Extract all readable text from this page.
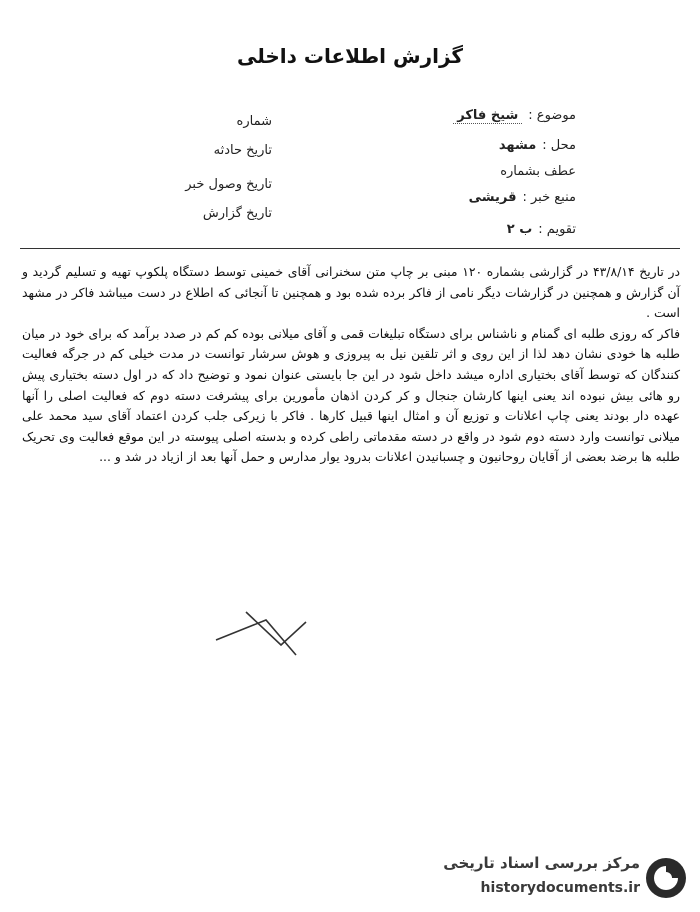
گزارش اطلاعات داخلی
موضوع :شیخ فاکر
محل :مشهد
عطف بشماره
منبع خبر :قریشی
تقویم :ب ۲
شماره
تاریخ حادثه
تاریخ وصول خبر
تاریخ گزارش

در تاریخ ۴۳/۸/۱۴ در گزارشی بشماره ۱۲۰ مبنی بر چاپ متن سخنرانی آقای خمینی توسط دستگاه پلکوپ تهیه و تسلیم گردید و آن گزارش و همچنین در گزارشات دیگر نامی از فاکر برده شده بود و همچنین تا آنجائی که اطلاع در دست میباشد فاکر در مشهد است .

فاکر که روزی طلبه ای گمنام و ناشناس برای دستگاه تبلیغات قمی و آقای میلانی بوده کم کم در صدد برآمد که برای خود در میان طلبه ها خودی نشان دهد لذا از این روی و اثر تلقین نیل به پیروزی و هوش سرشار توانست در مدت خیلی کم در جرگه فعالیت کنندگان که توسط آقای بختیاری اداره میشد داخل شود در این جا بایستی عنوان نمود و توضیح داد که در اول دسته بختیاری پیش رو هائی بیش نبوده اند یعنی اینها کارشان جنجال و کر کردن اذهان مأمورین برای پیشرفت دسته دوم که فعالیت اصلی را آنها عهده دار بودند یعنی چاپ اعلانات و توزیع آن و امثال اینها قبیل کارها . فاکر با زیرکی جلب کردن اعتماد آقای سید محمد علی میلانی توانست وارد دسته دوم شود در واقع در دسته مقدماتی راطی کرده و بدسته اصلی پیوسته در این موقع فعالیت وی تحریک طلبه ها برضد بعضی از آقایان روحانیون و چسبانیدن اعلانات بدرود یوار مدارس و حمل آنها بعد از ازیاد در شد و ...

مرکز بررسی اسناد تاریخی
historydocuments.ir
